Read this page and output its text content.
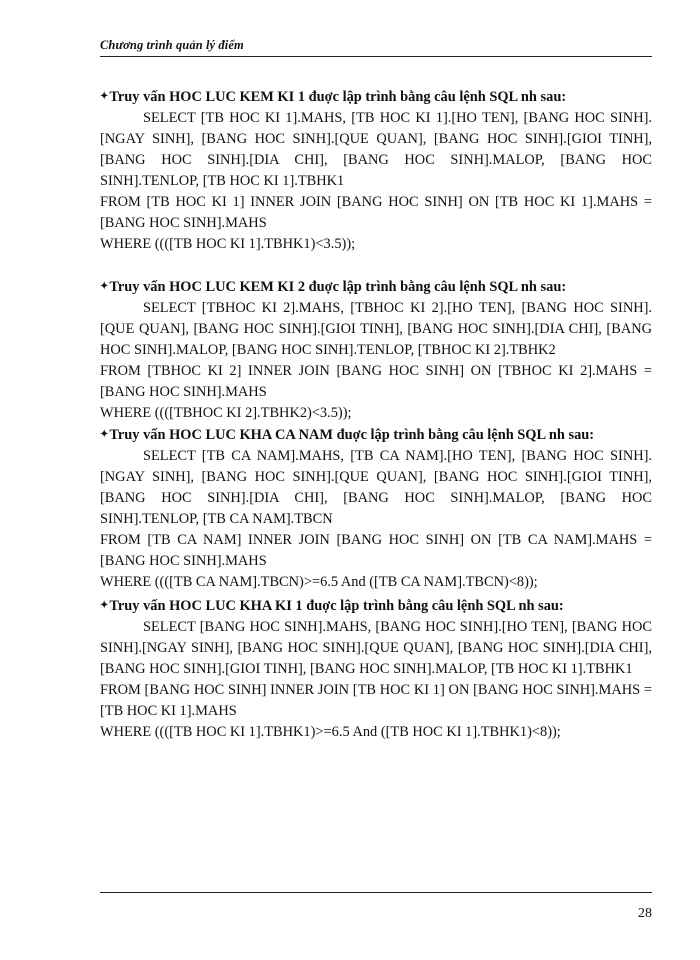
Chương trình quản lý điểm

✦Truy vấn HOC LUC KEM KI 1 đuợc lập trình bằng câu lệnh SQL nh sau:

SELECT [TB HOC KI 1].MAHS, [TB HOC KI 1].[HO TEN], [BANG HOC SINH].[NGAY SINH], [BANG HOC SINH].[QUE QUAN], [BANG HOC SINH].[GIOI TINH], [BANG HOC SINH].[DIA CHI], [BANG HOC SINH].MALOP, [BANG HOC SINH].TENLOP, [TB HOC KI 1].TBHK1

FROM [TB HOC KI 1] INNER JOIN [BANG HOC SINH] ON [TB HOC KI 1].MAHS = [BANG HOC SINH].MAHS

WHERE ((([TB HOC KI 1].TBHK1)<3.5));

✦Truy vấn HOC LUC KEM KI 2 đuợc lập trình bằng câu lệnh SQL nh sau:

SELECT [TBHOC KI 2].MAHS, [TBHOC KI 2].[HO TEN], [BANG HOC SINH].[QUE QUAN], [BANG HOC SINH].[GIOI TINH], [BANG HOC SINH].[DIA CHI], [BANG HOC SINH].MALOP, [BANG HOC SINH].TENLOP, [TBHOC KI 2].TBHK2

FROM [TBHOC KI 2] INNER JOIN [BANG HOC SINH] ON [TBHOC KI 2].MAHS = [BANG HOC SINH].MAHS

WHERE ((([TBHOC KI 2].TBHK2)<3.5));

✦Truy vấn HOC LUC KHA CA NAM đuợc lập trình bằng câu lệnh SQL nh sau:

SELECT [TB CA NAM].MAHS, [TB CA NAM].[HO TEN], [BANG HOC SINH].[NGAY SINH], [BANG HOC SINH].[QUE QUAN], [BANG HOC SINH].[GIOI TINH], [BANG HOC SINH].[DIA CHI], [BANG HOC SINH].MALOP, [BANG HOC SINH].TENLOP, [TB CA NAM].TBCN

FROM [TB CA NAM] INNER JOIN [BANG HOC SINH] ON [TB CA NAM].MAHS = [BANG HOC SINH].MAHS

WHERE ((([TB CA NAM].TBCN)>=6.5 And ([TB CA NAM].TBCN)<8));

✦Truy vấn HOC LUC KHA KI 1 đuợc lập trình bằng câu lệnh SQL nh sau:

SELECT [BANG HOC SINH].MAHS, [BANG HOC SINH].[HO TEN], [BANG HOC SINH].[NGAY SINH], [BANG HOC SINH].[QUE QUAN], [BANG HOC SINH].[DIA CHI], [BANG HOC SINH].[GIOI TINH], [BANG HOC SINH].MALOP, [TB HOC KI 1].TBHK1

FROM [BANG HOC SINH] INNER JOIN [TB HOC KI 1] ON [BANG HOC SINH].MAHS = [TB HOC KI 1].MAHS

WHERE ((([TB HOC KI 1].TBHK1)>=6.5 And ([TB HOC KI 1].TBHK1)<8));

28
